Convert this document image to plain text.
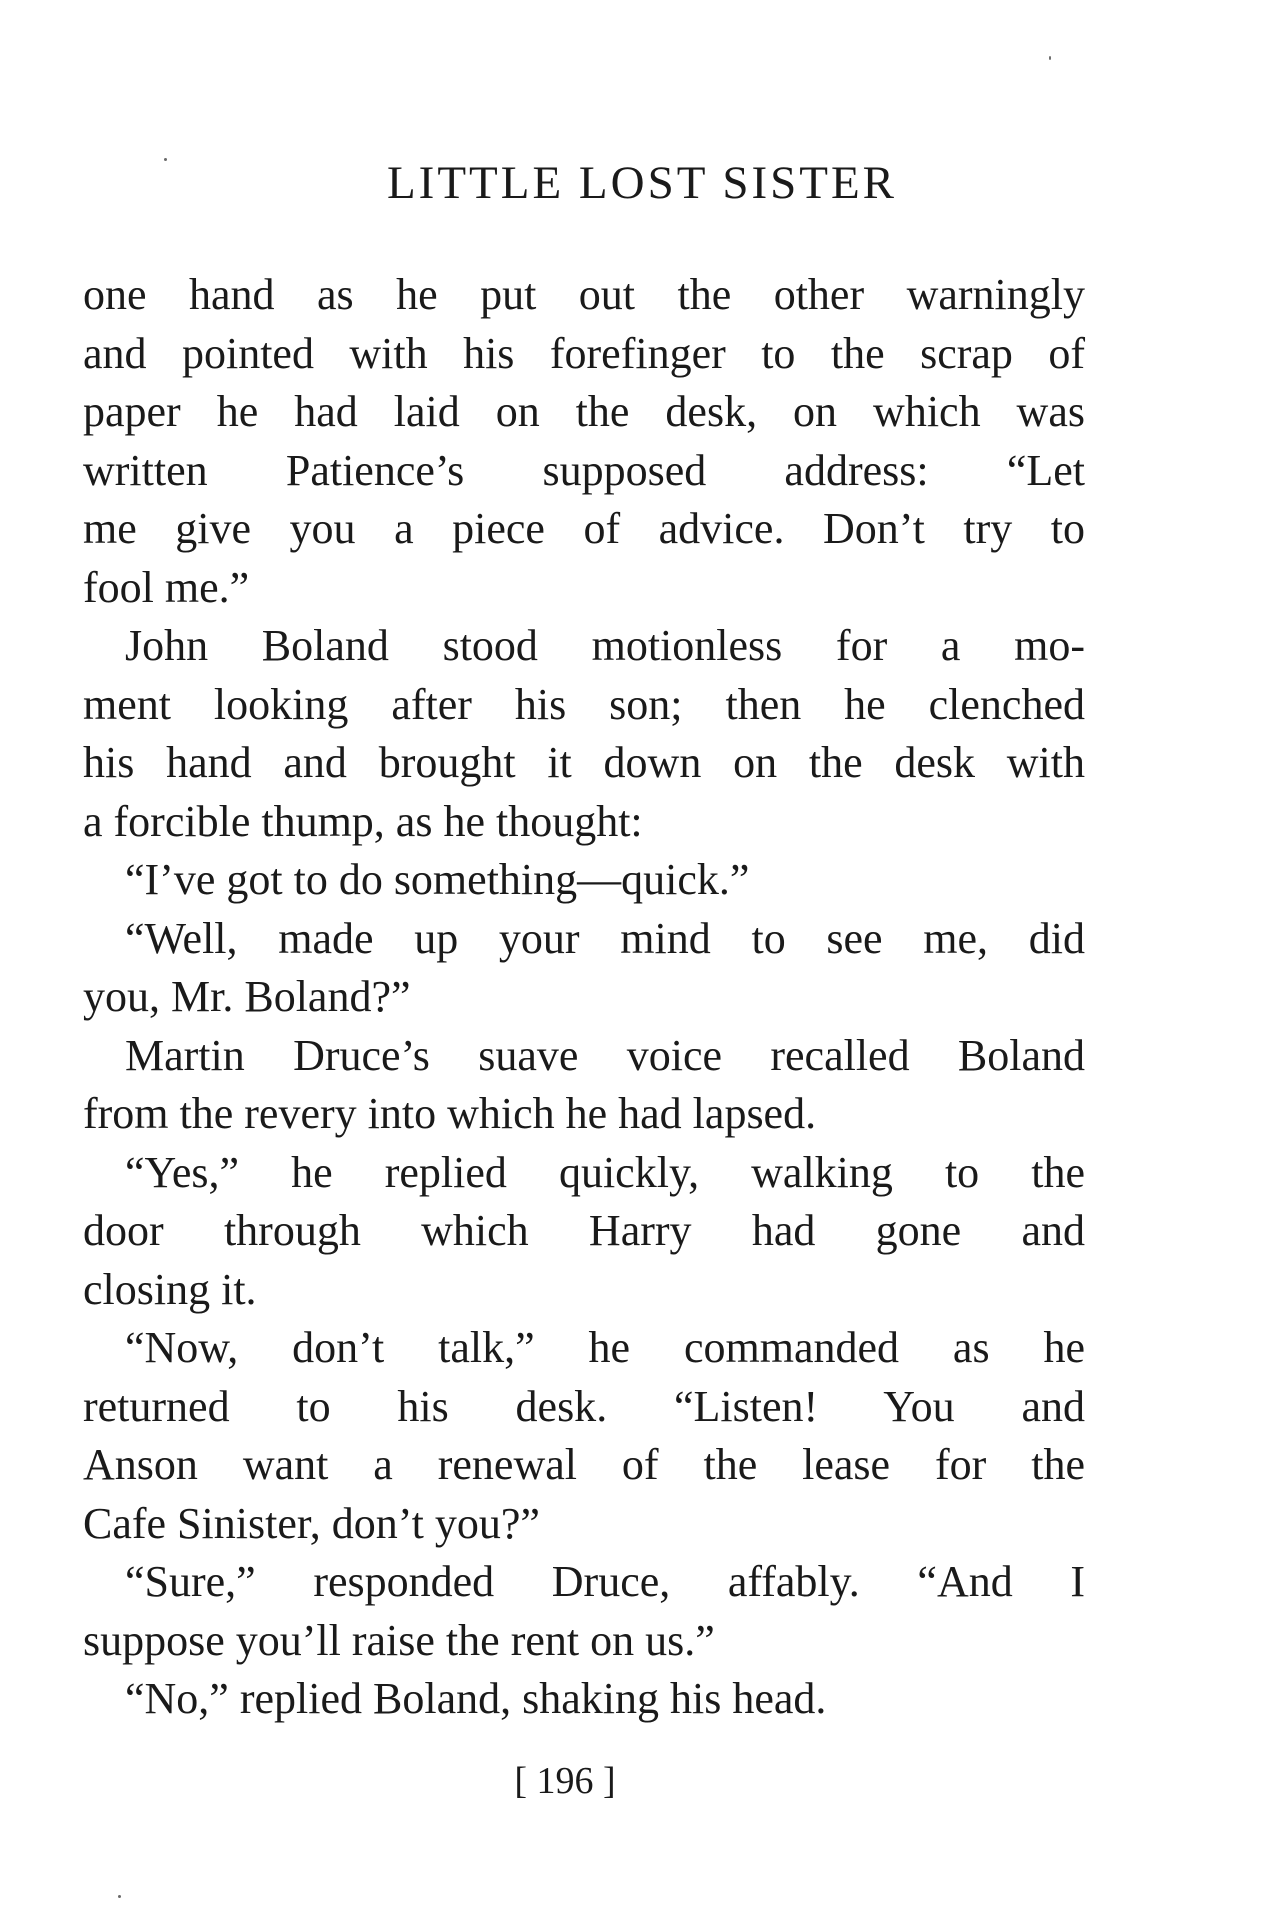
LITTLE LOST SISTER
one hand as he put out the other warningly
and pointed with his forefinger to the scrap of
paper he had laid on the desk, on which was
written Patience’s supposed address: “Let
me give you a piece of advice. Don’t try to
fool me.”
John Boland stood motionless for a mo-
ment looking after his son; then he clenched
his hand and brought it down on the desk with
a forcible thump, as he thought:
“I’ve got to do something—quick.”
“Well, made up your mind to see me, did
you, Mr. Boland?”
Martin Druce’s suave voice recalled Boland
from the revery into which he had lapsed.
“Yes,” he replied quickly, walking to the
door through which Harry had gone and
closing it.
“Now, don’t talk,” he commanded as he
returned to his desk. “Listen! You and
Anson want a renewal of the lease for the
Cafe Sinister, don’t you?”
“Sure,” responded Druce, affably. “And I
suppose you’ll raise the rent on us.”
“No,” replied Boland, shaking his head.
[ 196 ]
